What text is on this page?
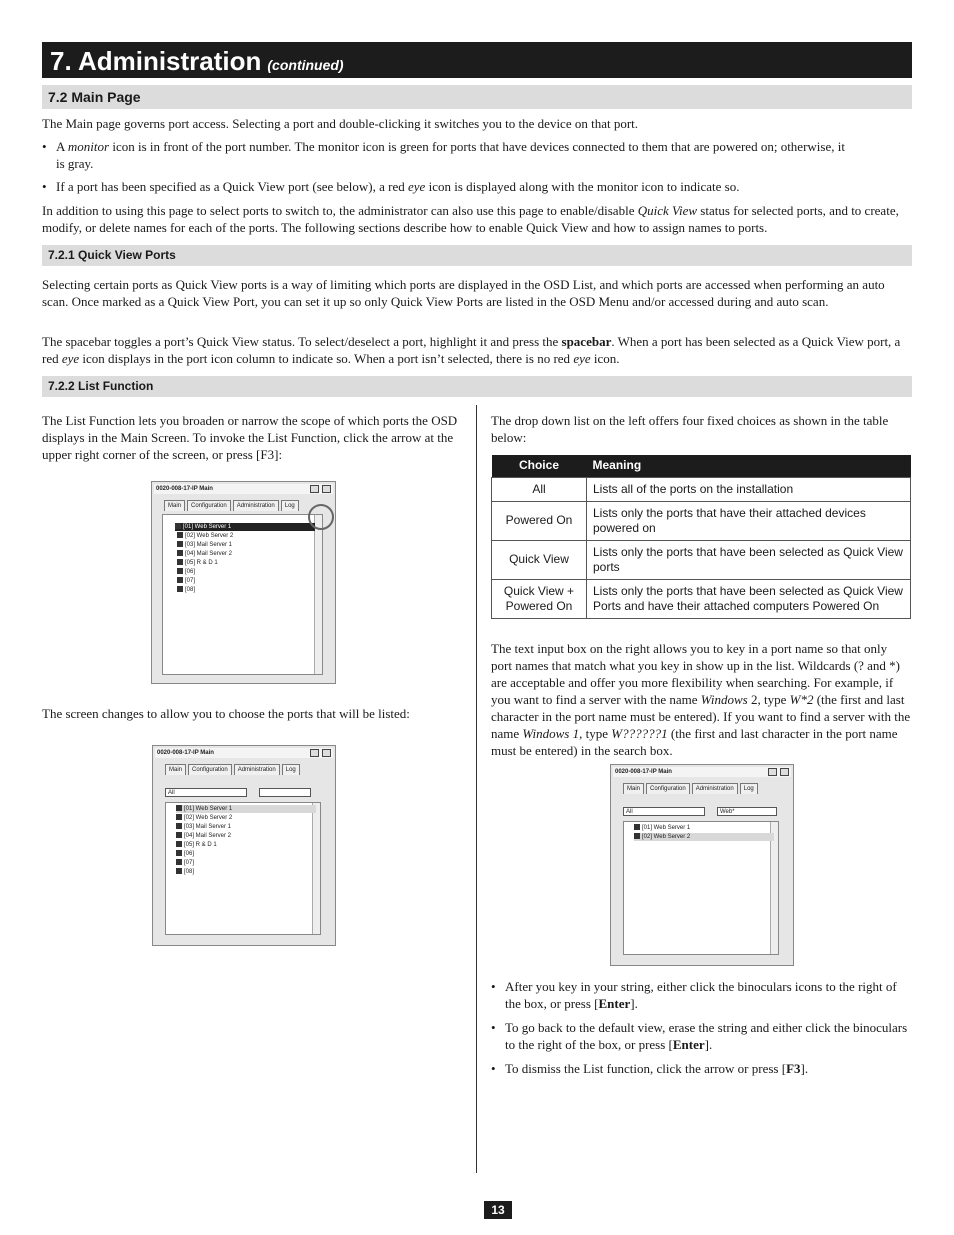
7. Administration (continued)
7.2 Main Page
The Main page governs port access. Selecting a port and double-clicking it switches you to the device on that port.
• A monitor icon is in front of the port number. The monitor icon is green for ports that have devices connected to them that are powered on; otherwise, it is gray.
• If a port has been specified as a Quick View port (see below), a red eye icon is displayed along with the monitor icon to indicate so.
In addition to using this page to select ports to switch to, the administrator can also use this page to enable/disable Quick View status for selected ports, and to create, modify, or delete names for each of the ports. The following sections describe how to enable Quick View and how to assign names to ports.
7.2.1 Quick View Ports
Selecting certain ports as Quick View ports is a way of limiting which ports are displayed in the OSD List, and which ports are accessed when performing an auto scan. Once marked as a Quick View Port, you can set it up so only Quick View Ports are listed in the OSD Menu and/or accessed during and auto scan.
The spacebar toggles a port’s Quick View status. To select/deselect a port, highlight it and press the spacebar. When a port has been selected as a Quick View port, a red eye icon displays in the port icon column to indicate so. When a port isn’t selected, there is no red eye icon.
7.2.2 List Function
The List Function lets you broaden or narrow the scope of which ports the OSD displays in the Main Screen. To invoke the List Function, click the arrow at the upper right corner of the screen, or press [F3]:
0020-008-17-IP Main
Main Configuration Administration Log
[01] Web Server 1
[02] Web Server 2
[03] Mail Server 1
[04] Mail Server 2
[05] R & D 1
[06]
[07]
[08]
The screen changes to allow you to choose the ports that will be listed:
0020-008-17-IP Main
Main Configuration Administration Log
All
[01] Web Server 1
[02] Web Server 2
[03] Mail Server 1
[04] Mail Server 2
[05] R & D 1
[06]
[07]
[08]
The drop down list on the left offers four fixed choices as shown in the table below:
Choice	Meaning
All	Lists all of the ports on the installation
Powered On	Lists only the ports that have their attached devices powered on
Quick View	Lists only the ports that have been selected as Quick View ports
Quick View + Powered On	Lists only the ports that have been selected as Quick View Ports and have their attached computers Powered On
The text input box on the right allows you to key in a port name so that only port names that match what you key in show up in the list. Wildcards (? and *) are acceptable and offer you more flexibility when searching. For example, if you want to find a server with the name Windows 2, type W*2 (the first and last character in the port name must be entered). If you want to find a server with the name Windows 1, type W??????1 (the first and last character in the port name must be entered) in the search box.
0020-008-17-IP Main
Main Configuration Administration Log
All	Web*
[01] Web Server 1
[02] Web Server 2
• After you key in your string, either click the binoculars icons to the right of the box, or press [Enter].
• To go back to the default view, erase the string and either click the binoculars to the right of the box, or press [Enter].
• To dismiss the List function, click the arrow or press [F3].
13
